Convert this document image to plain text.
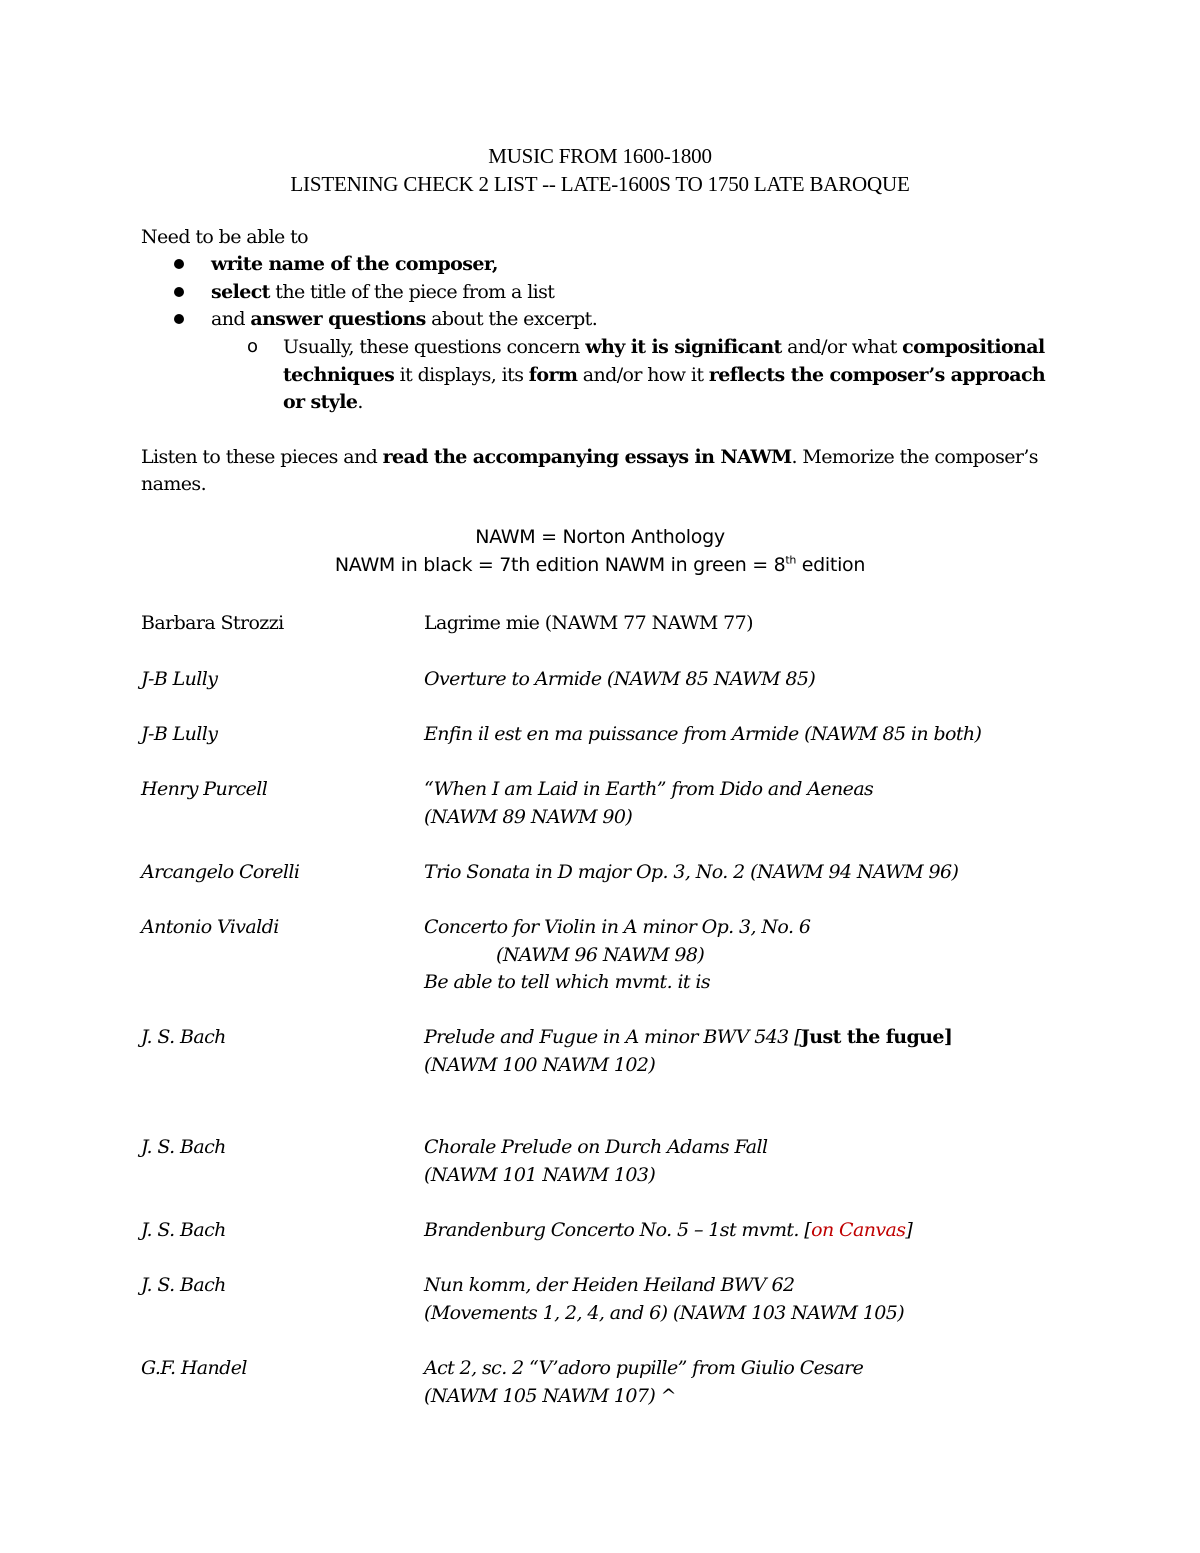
MUSIC FROM 1600-1800
LISTENING CHECK 2 LIST -- LATE-1600S TO 1750 LATE BAROQUE
Need to be able to
write name of the composer,
select the title of the piece from a list
and answer questions about the excerpt.
o Usually, these questions concern why it is significant and/or what compositional
techniques it displays, its form and/or how it reflects the composer’s approach
or style.
Listen to these pieces and read the accompanying essays in NAWM. Memorize the composer’s
names.
NAWM = Norton Anthology
NAWM in black = 7th edition NAWM in green = 8th edition
Barbara Strozzi	Lagrime mie (NAWM 77 NAWM 77)
J-B Lully	Overture to Armide (NAWM 85 NAWM 85)
J-B Lully	Enfin il est en ma puissance from Armide (NAWM 85 in both)
Henry Purcell	“When I am Laid in Earth” from Dido and Aeneas
(NAWM 89 NAWM 90)
Arcangelo Corelli	Trio Sonata in D major Op. 3, No. 2 (NAWM 94 NAWM 96)
Antonio Vivaldi	Concerto for Violin in A minor Op. 3, No. 6
(NAWM 96 NAWM 98)
Be able to tell which mvmt. it is
J. S. Bach	Prelude and Fugue in A minor BWV 543 [Just the fugue]
(NAWM 100 NAWM 102)
J. S. Bach	Chorale Prelude on Durch Adams Fall
(NAWM 101 NAWM 103)
J. S. Bach	Brandenburg Concerto No. 5 – 1st mvmt. [on Canvas]
J. S. Bach	Nun komm, der Heiden Heiland BWV 62
(Movements 1, 2, 4, and 6) (NAWM 103 NAWM 105)
G.F. Handel	Act 2, sc. 2 “V’adoro pupille” from Giulio Cesare
(NAWM 105 NAWM 107) ^
